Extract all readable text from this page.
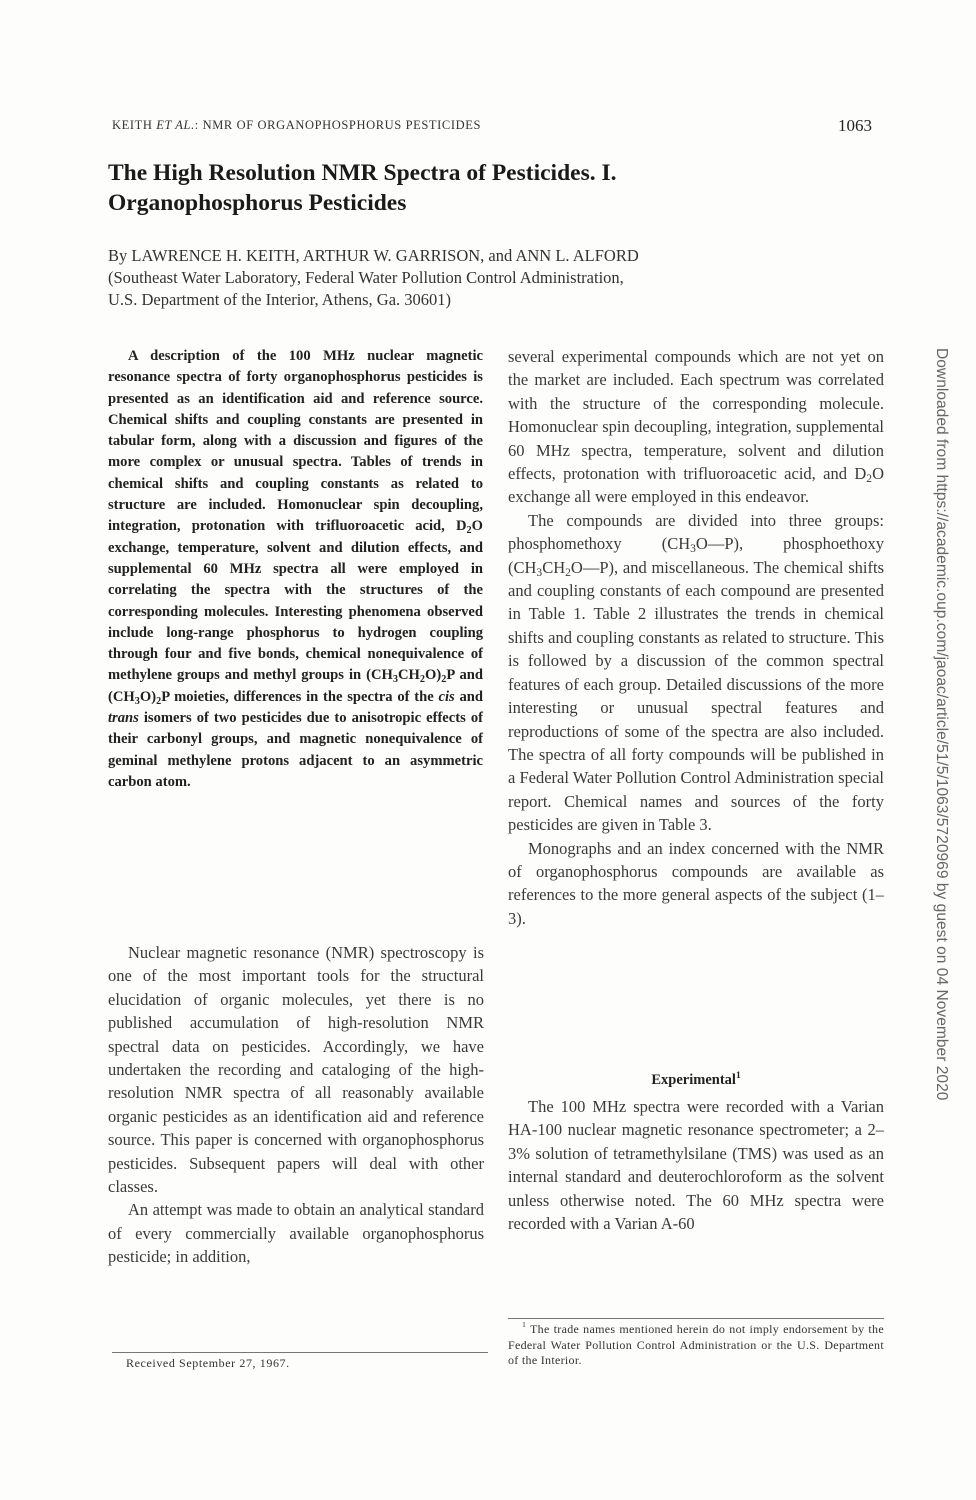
KEITH ET AL.: NMR OF ORGANOPHOSPHORUS PESTICIDES	1063
The High Resolution NMR Spectra of Pesticides. I.
Organophosphorus Pesticides
By LAWRENCE H. KEITH, ARTHUR W. GARRISON, and ANN L. ALFORD
(Southeast Water Laboratory, Federal Water Pollution Control Administration,
U.S. Department of the Interior, Athens, Ga. 30601)

A description of the 100 MHz nuclear magnetic resonance spectra of forty organophosphorus pesticides is presented as an identification aid and reference source. Chemical shifts and coupling constants are presented in tabular form, along with a discussion and figures of the more complex or unusual spectra. Tables of trends in chemical shifts and coupling constants as related to structure are included. Homonuclear spin decoupling, integration, protonation with trifluoroacetic acid, $D_2O$ exchange, temperature, solvent and dilution effects, and supplemental 60 MHz spectra all were employed in correlating the spectra with the structures of the corresponding molecules. Interesting phenomena observed include long-range phosphorus to hydrogen coupling through four and five bonds, chemical nonequivalence of methylene groups and methyl groups in $(CH_3CH_2O)_2P$ and $(CH_3O)_2P$ moieties, differences in the spectra of the cis and trans isomers of two pesticides due to anisotropic effects of their carbonyl groups, and magnetic nonequivalence of geminal methylene protons adjacent to an asymmetric carbon atom.

Nuclear magnetic resonance (NMR) spectroscopy is one of the most important tools for the structural elucidation of organic molecules, yet there is no published accumulation of high-resolution NMR spectral data on pesticides. Accordingly, we have undertaken the recording and cataloging of the high-resolution NMR spectra of all reasonably available organic pesticides as an identification aid and reference source. This paper is concerned with organophosphorus pesticides. Subsequent papers will deal with other classes.

An attempt was made to obtain an analytical standard of every commercially available organophosphorus pesticide; in addition,

several experimental compounds which are not yet on the market are included. Each spectrum was correlated with the structure of the corresponding molecule. Homonuclear spin decoupling, integration, supplemental 60 MHz spectra, temperature, solvent and dilution effects, protonation with trifluoroacetic acid, and $D_2O$ exchange all were employed in this endeavor.

The compounds are divided into three groups: phosphomethoxy $(CH_3O—P)$, phosphoethoxy $(CH_3CH_2O—P)$, and miscellaneous. The chemical shifts and coupling constants of each compound are presented in Table 1. Table 2 illustrates the trends in chemical shifts and coupling constants as related to structure. This is followed by a discussion of the common spectral features of each group. Detailed discussions of the more interesting or unusual spectral features and reproductions of some of the spectra are also included. The spectra of all forty compounds will be published in a Federal Water Pollution Control Administration special report. Chemical names and sources of the forty pesticides are given in Table 3.

Monographs and an index concerned with the NMR of organophosphorus compounds are available as references to the more general aspects of the subject (1–3).

Experimental$^1$

The 100 MHz spectra were recorded with a Varian HA-100 nuclear magnetic resonance spectrometer; a 2–3% solution of tetramethylsilane (TMS) was used as an internal standard and deuterochloroform as the solvent unless otherwise noted. The 60 MHz spectra were recorded with a Varian A-60

Received September 27, 1967.

$^1$ The trade names mentioned herein do not imply endorsement by the Federal Water Pollution Control Administration or the U.S. Department of the Interior.

Downloaded from https://academic.oup.com/jaoac/article/51/5/1063/5720969 by guest on 04 November 2020
